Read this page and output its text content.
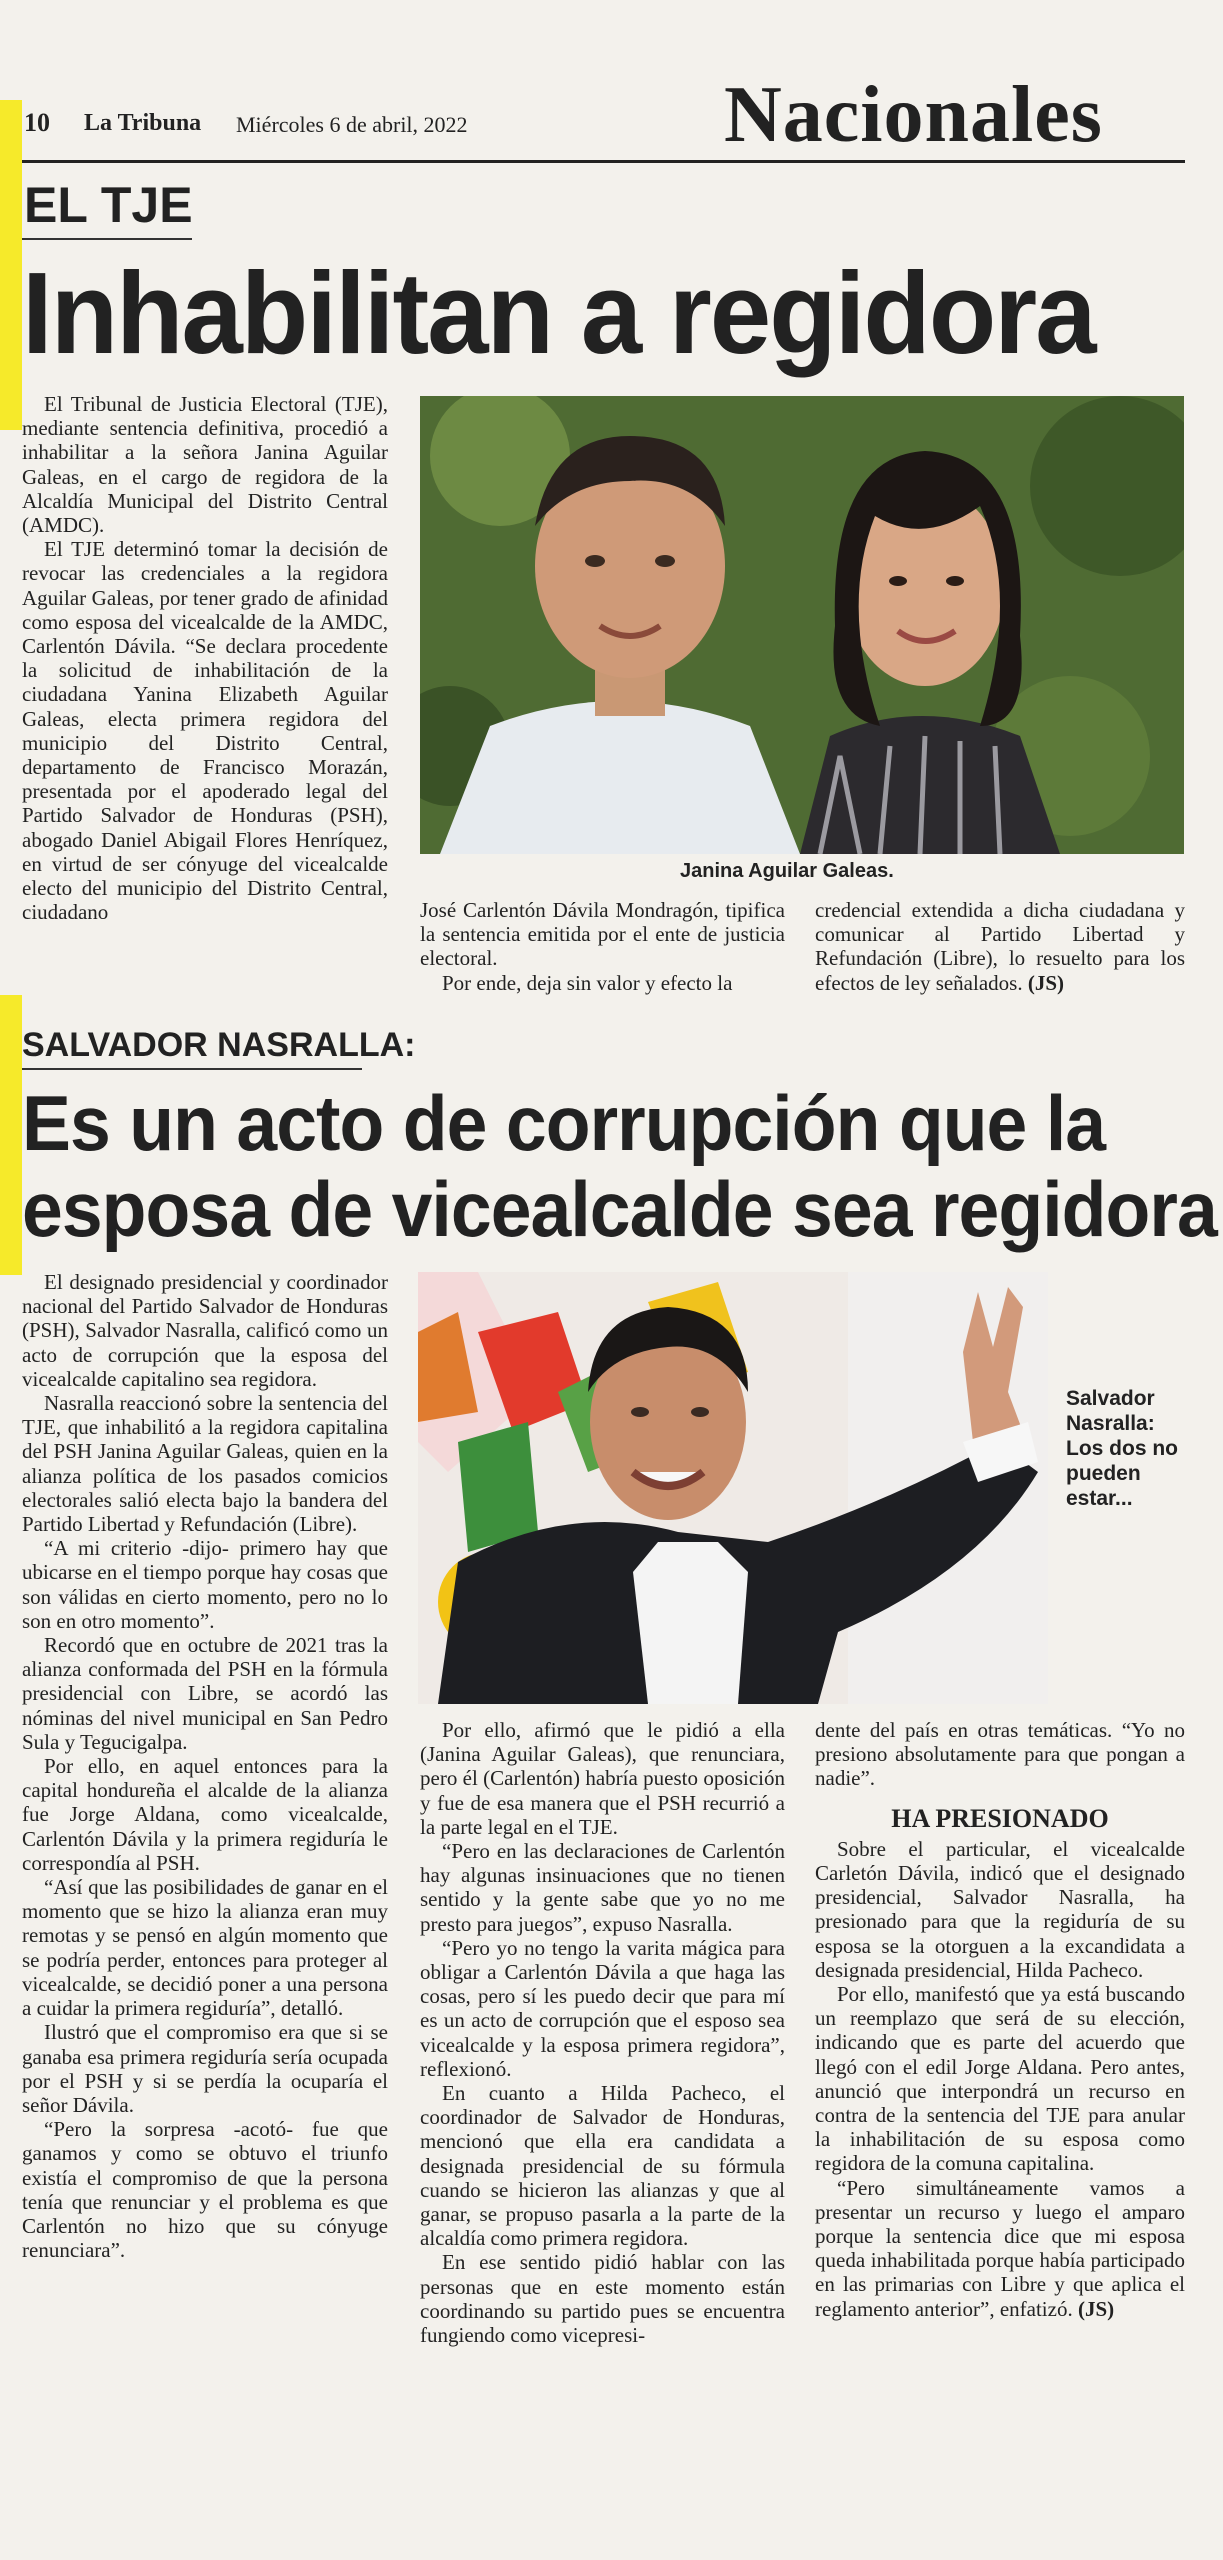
10 La Tribuna Miércoles 6 de abril, 2022	Nacionales
EL TJE
Inhabilitan a regidora

El Tribunal de Justicia Electoral (TJE), mediante sentencia definitiva, procedió a inhabilitar a la señora Janina Aguilar Galeas, en el cargo de regidora de la Alcaldía Municipal del Distrito Central (AMDC).

El TJE determinó tomar la decisión de revocar las credenciales a la regidora Aguilar Galeas, por tener grado de afinidad como esposa del vicealcalde de la AMDC, Carlentón Dávila. “Se declara procedente la solicitud de inhabilitación de la ciudadana Yanina Elizabeth Aguilar Galeas, electa primera regidora del municipio del Distrito Central, departamento de Francisco Morazán, presentada por el apoderado legal del Partido Salvador de Honduras (PSH), abogado Daniel Abigail Flores Henríquez, en virtud de ser cónyuge del vicealcalde electo del municipio del Distrito Central, ciudadano

Janina Aguilar Galeas.

José Carlentón Dávila Mondragón, tipifica la sentencia emitida por el ente de justicia electoral.

Por ende, deja sin valor y efecto la

credencial extendida a dicha ciudadana y comunicar al Partido Libertad y Refundación (Libre), lo resuelto para los efectos de ley señalados. (JS)

SALVADOR NASRALLA:
Es un acto de corrupción que la
esposa de vicealcalde sea regidora

El designado presidencial y coordinador nacional del Partido Salvador de Honduras (PSH), Salvador Nasralla, calificó como un acto de corrupción que la esposa del vicealcalde capitalino sea regidora.

Nasralla reaccionó sobre la sentencia del TJE, que inhabilitó a la regidora capitalina del PSH Janina Aguilar Galeas, quien en la alianza política de los pasados comicios electorales salió electa bajo la bandera del Partido Libertad y Refundación (Libre).

“A mi criterio -dijo- primero hay que ubicarse en el tiempo porque hay cosas que son válidas en cierto momento, pero no lo son en otro momento”.

Recordó que en octubre de 2021 tras la alianza conformada del PSH en la fórmula presidencial con Libre, se acordó las nóminas del nivel municipal en San Pedro Sula y Tegucigalpa.

Por ello, en aquel entonces para la capital hondureña el alcalde de la alianza fue Jorge Aldana, como vicealcalde, Carlentón Dávila y la primera regiduría le correspondía al PSH.

“Así que las posibilidades de ganar en el momento que se hizo la alianza eran muy remotas y se pensó en algún momento que se podría perder, entonces para proteger al vicealcalde, se decidió poner a una persona a cuidar la primera regiduría”, detalló.

Ilustró que el compromiso era que si se ganaba esa primera regiduría sería ocupada por el PSH y si se perdía la ocuparía el señor Dávila.

“Pero la sorpresa -acotó- fue que ganamos y como se obtuvo el triunfo existía el compromiso de que la persona tenía que renunciar y el problema es que Carlentón no hizo que su cónyuge renunciara”.

Salvador Nasralla: Los dos no pueden estar...

Por ello, afirmó que le pidió a ella (Janina Aguilar Galeas), que renunciara, pero él (Carlentón) habría puesto oposición y fue de esa manera que el PSH recurrió a la parte legal en el TJE.

“Pero en las declaraciones de Carlentón hay algunas insinuaciones que no tienen sentido y la gente sabe que yo no me presto para juegos”, expuso Nasralla.

“Pero yo no tengo la varita mágica para obligar a Carlentón Dávila a que haga las cosas, pero sí les puedo decir que para mí es un acto de corrupción que el esposo sea vicealcalde y la esposa primera regidora”, reflexionó.

En cuanto a Hilda Pacheco, el coordinador de Salvador de Honduras, mencionó que ella era candidata a designada presidencial de su fórmula cuando se hicieron las alianzas y que al ganar, se propuso pasarla a la parte de la alcaldía como primera regidora.

En ese sentido pidió hablar con las personas que en este momento están coordinando su partido pues se encuentra fungiendo como vicepresi-

dente del país en otras temáticas. “Yo no presiono absolutamente para que pongan a nadie”.

HA PRESIONADO

Sobre el particular, el vicealcalde Carletón Dávila, indicó que el designado presidencial, Salvador Nasralla, ha presionado para que la regiduría de su esposa se la otorguen a la excandidata a designada presidencial, Hilda Pacheco.

Por ello, manifestó que ya está buscando un reemplazo que será de su elección, indicando que es parte del acuerdo que llegó con el edil Jorge Aldana. Pero antes, anunció que interpondrá un recurso en contra de la sentencia del TJE para anular la inhabilitación de su esposa como regidora de la comuna capitalina.

“Pero simultáneamente vamos a presentar un recurso y luego el amparo porque la sentencia dice que mi esposa queda inhabilitada porque había participado en las primarias con Libre y que aplica el reglamento anterior”, enfatizó. (JS)
